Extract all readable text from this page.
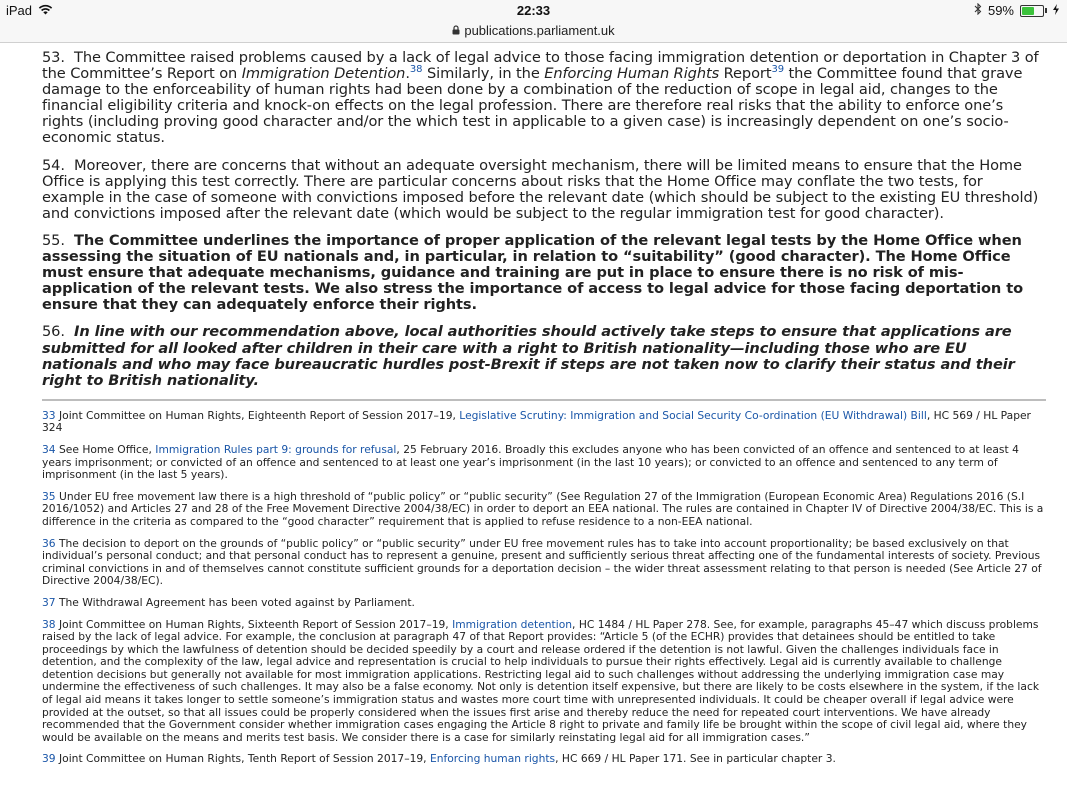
iPad	22:33	59%
publications.parliament.uk

53. The Committee raised problems caused by a lack of legal advice to those facing immigration detention or deportation in Chapter 3 of the Committee’s Report on Immigration Detention.$^{38}$ Similarly, in the Enforcing Human Rights Report$^{39}$ the Committee found that grave damage to the enforceability of human rights had been done by a combination of the reduction of scope in legal aid, changes to the financial eligibility criteria and knock-on effects on the legal profession. There are therefore real risks that the ability to enforce one’s rights (including proving good character and/or the which test in applicable to a given case) is increasingly dependent on one’s socio-economic status.

54. Moreover, there are concerns that without an adequate oversight mechanism, there will be limited means to ensure that the Home Office is applying this test correctly. There are particular concerns about risks that the Home Office may conflate the two tests, for example in the case of someone with convictions imposed before the relevant date (which should be subject to the existing EU threshold) and convictions imposed after the relevant date (which would be subject to the regular immigration test for good character).

55. The Committee underlines the importance of proper application of the relevant legal tests by the Home Office when assessing the situation of EU nationals and, in particular, in relation to “suitability” (good character). The Home Office must ensure that adequate mechanisms, guidance and training are put in place to ensure there is no risk of mis-application of the relevant tests. We also stress the importance of access to legal advice for those facing deportation to ensure that they can adequately enforce their rights.

56. In line with our recommendation above, local authorities should actively take steps to ensure that applications are submitted for all looked after children in their care with a right to British nationality—including those who are EU nationals and who may face bureaucratic hurdles post-Brexit if steps are not taken now to clarify their status and their right to British nationality.

33 Joint Committee on Human Rights, Eighteenth Report of Session 2017–19, Legislative Scrutiny: Immigration and Social Security Co-ordination (EU Withdrawal) Bill, HC 569 / HL Paper 324

34 See Home Office, Immigration Rules part 9: grounds for refusal, 25 February 2016. Broadly this excludes anyone who has been convicted of an offence and sentenced to at least 4 years imprisonment; or convicted of an offence and sentenced to at least one year’s imprisonment (in the last 10 years); or convicted to an offence and sentenced to any term of imprisonment (in the last 5 years).

35 Under EU free movement law there is a high threshold of “public policy” or “public security” (See Regulation 27 of the Immigration (European Economic Area) Regulations 2016 (S.I 2016/1052) and Articles 27 and 28 of the Free Movement Directive 2004/38/EC) in order to deport an EEA national. The rules are contained in Chapter IV of Directive 2004/38/EC. This is a difference in the criteria as compared to the “good character” requirement that is applied to refuse residence to a non-EEA national.

36 The decision to deport on the grounds of “public policy” or “public security” under EU free movement rules has to take into account proportionality; be based exclusively on that individual’s personal conduct; and that personal conduct has to represent a genuine, present and sufficiently serious threat affecting one of the fundamental interests of society. Previous criminal convictions in and of themselves cannot constitute sufficient grounds for a deportation decision – the wider threat assessment relating to that person is needed (See Article 27 of Directive 2004/38/EC).

37 The Withdrawal Agreement has been voted against by Parliament.

38 Joint Committee on Human Rights, Sixteenth Report of Session 2017–19, Immigration detention, HC 1484 / HL Paper 278. See, for example, paragraphs 45–47 which discuss problems raised by the lack of legal advice. For example, the conclusion at paragraph 47 of that Report provides: “Article 5 (of the ECHR) provides that detainees should be entitled to take proceedings by which the lawfulness of detention should be decided speedily by a court and release ordered if the detention is not lawful. Given the challenges individuals face in detention, and the complexity of the law, legal advice and representation is crucial to help individuals to pursue their rights effectively. Legal aid is currently available to challenge detention decisions but generally not available for most immigration applications. Restricting legal aid to such challenges without addressing the underlying immigration case may undermine the effectiveness of such challenges. It may also be a false economy. Not only is detention itself expensive, but there are likely to be costs elsewhere in the system, if the lack of legal aid means it takes longer to settle someone’s immigration status and wastes more court time with unrepresented individuals. It could be cheaper overall if legal advice were provided at the outset, so that all issues could be properly considered when the issues first arise and thereby reduce the need for repeated court interventions. We have already recommended that the Government consider whether immigration cases engaging the Article 8 right to private and family life be brought within the scope of civil legal aid, where they would be available on the means and merits test basis. We consider there is a case for similarly reinstating legal aid for all immigration cases.”

39 Joint Committee on Human Rights, Tenth Report of Session 2017–19, Enforcing human rights, HC 669 / HL Paper 171. See in particular chapter 3.
